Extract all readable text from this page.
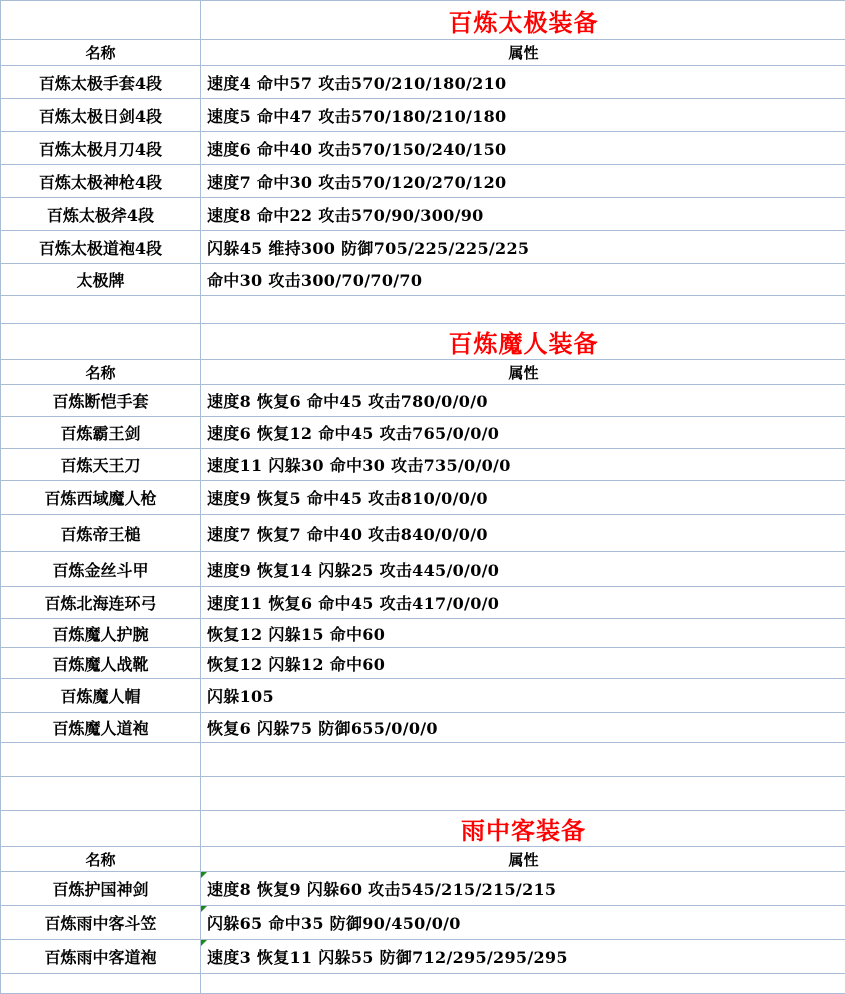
	百炼太极装备
名称	属性
百炼太极手套4段	速度4 命中57 攻击570/210/180/210
百炼太极日剑4段	速度5 命中47 攻击570/180/210/180
百炼太极月刀4段	速度6 命中40 攻击570/150/240/150
百炼太极神枪4段	速度7 命中30 攻击570/120/270/120
百炼太极斧4段	速度8 命中22 攻击570/90/300/90
百炼太极道袍4段	闪躲45 维持300 防御705/225/225/225
太极牌	命中30 攻击300/70/70/70

	百炼魔人装备
名称	属性
百炼断恺手套	速度8 恢复6 命中45 攻击780/0/0/0
百炼霸王剑	速度6 恢复12 命中45 攻击765/0/0/0
百炼天王刀	速度11 闪躲30 命中30 攻击735/0/0/0
百炼西域魔人枪	速度9 恢复5 命中45 攻击810/0/0/0
百炼帝王槌	速度7 恢复7 命中40 攻击840/0/0/0
百炼金丝斗甲	速度9 恢复14 闪躲25 攻击445/0/0/0
百炼北海连环弓	速度11 恢复6 命中45 攻击417/0/0/0
百炼魔人护腕	恢复12 闪躲15 命中60
百炼魔人战靴	恢复12 闪躲12 命中60
百炼魔人帽	闪躲105
百炼魔人道袍	恢复6 闪躲75 防御655/0/0/0

	雨中客装备
名称	属性
百炼护国神剑	速度8 恢复9 闪躲60 攻击545/215/215/215
百炼雨中客斗笠	闪躲65 命中35 防御90/450/0/0
百炼雨中客道袍	速度3 恢复11 闪躲55 防御712/295/295/295
